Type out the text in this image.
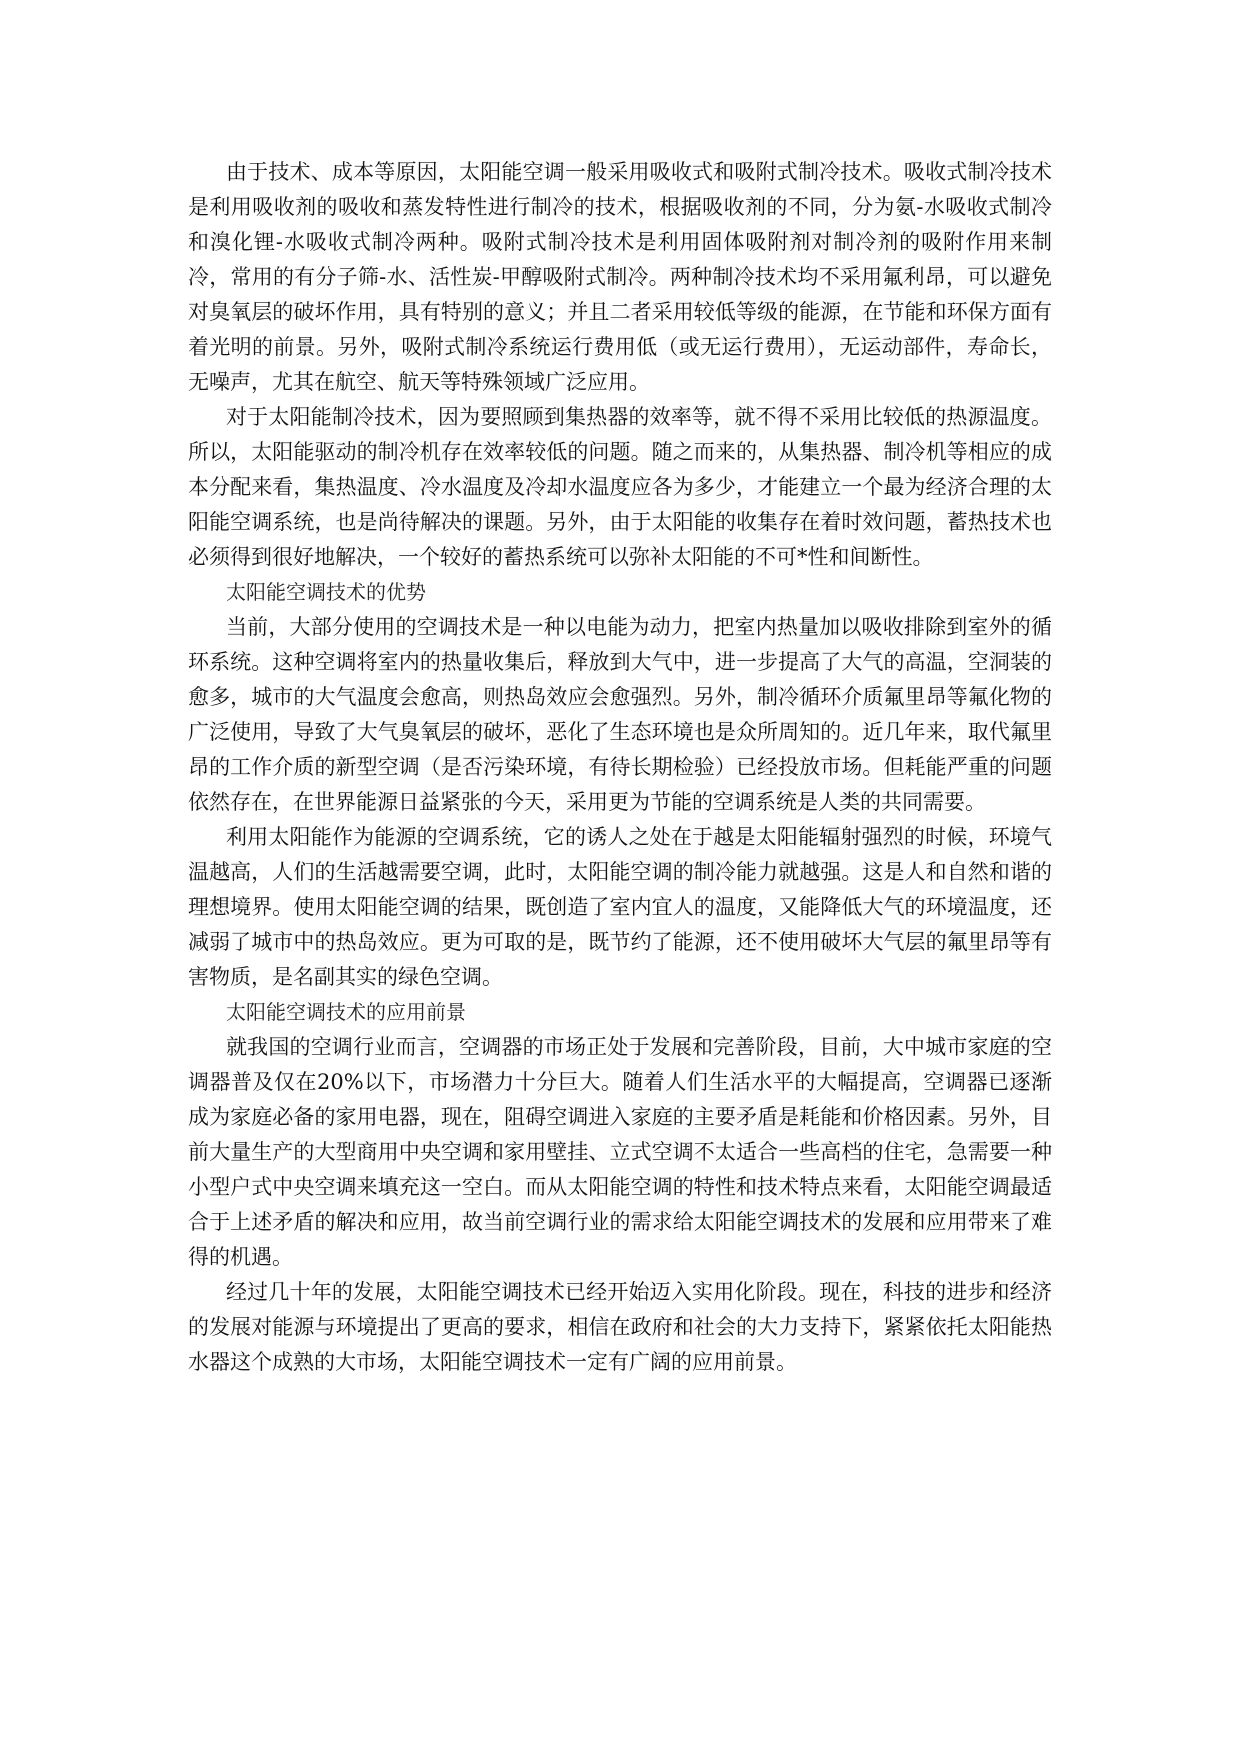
由于技术、成本等原因，太阳能空调一般采用吸收式和吸附式制冷技术。吸收式制冷技术是利用吸收剂的吸收和蒸发特性进行制冷的技术，根据吸收剂的不同，分为氨-水吸收式制冷和溴化锂-水吸收式制冷两种。吸附式制冷技术是利用固体吸附剂对制冷剂的吸附作用来制冷，常用的有分子筛-水、活性炭-甲醇吸附式制冷。两种制冷技术均不采用氟利昂，可以避免对臭氧层的破坏作用，具有特别的意义；并且二者采用较低等级的能源，在节能和环保方面有着光明的前景。另外，吸附式制冷系统运行费用低（或无运行费用），无运动部件，寿命长，无噪声，尤其在航空、航天等特殊领域广泛应用。

对于太阳能制冷技术，因为要照顾到集热器的效率等，就不得不采用比较低的热源温度。所以，太阳能驱动的制冷机存在效率较低的问题。随之而来的，从集热器、制冷机等相应的成本分配来看，集热温度、冷水温度及冷却水温度应各为多少，才能建立一个最为经济合理的太阳能空调系统，也是尚待解决的课题。另外，由于太阳能的收集存在着时效问题，蓄热技术也必须得到很好地解决，一个较好的蓄热系统可以弥补太阳能的不可*性和间断性。

太阳能空调技术的优势

当前，大部分使用的空调技术是一种以电能为动力，把室内热量加以吸收排除到室外的循环系统。这种空调将室内的热量收集后，释放到大气中，进一步提高了大气的高温，空洞装的愈多，城市的大气温度会愈高，则热岛效应会愈强烈。另外，制冷循环介质氟里昂等氟化物的广泛使用，导致了大气臭氧层的破坏，恶化了生态环境也是众所周知的。近几年来，取代氟里昂的工作介质的新型空调（是否污染环境，有待长期检验）已经投放市场。但耗能严重的问题依然存在，在世界能源日益紧张的今天，采用更为节能的空调系统是人类的共同需要。

利用太阳能作为能源的空调系统，它的诱人之处在于越是太阳能辐射强烈的时候，环境气温越高，人们的生活越需要空调，此时，太阳能空调的制冷能力就越强。这是人和自然和谐的理想境界。使用太阳能空调的结果，既创造了室内宜人的温度，又能降低大气的环境温度，还减弱了城市中的热岛效应。更为可取的是，既节约了能源，还不使用破坏大气层的氟里昂等有害物质，是名副其实的绿色空调。

太阳能空调技术的应用前景

就我国的空调行业而言，空调器的市场正处于发展和完善阶段，目前，大中城市家庭的空调器普及仅在20%以下，市场潜力十分巨大。随着人们生活水平的大幅提高，空调器已逐渐成为家庭必备的家用电器，现在，阻碍空调进入家庭的主要矛盾是耗能和价格因素。另外，目前大量生产的大型商用中央空调和家用壁挂、立式空调不太适合一些高档的住宅，急需要一种小型户式中央空调来填充这一空白。而从太阳能空调的特性和技术特点来看，太阳能空调最适合于上述矛盾的解决和应用，故当前空调行业的需求给太阳能空调技术的发展和应用带来了难得的机遇。

经过几十年的发展，太阳能空调技术已经开始迈入实用化阶段。现在，科技的进步和经济的发展对能源与环境提出了更高的要求，相信在政府和社会的大力支持下，紧紧依托太阳能热水器这个成熟的大市场，太阳能空调技术一定有广阔的应用前景。
